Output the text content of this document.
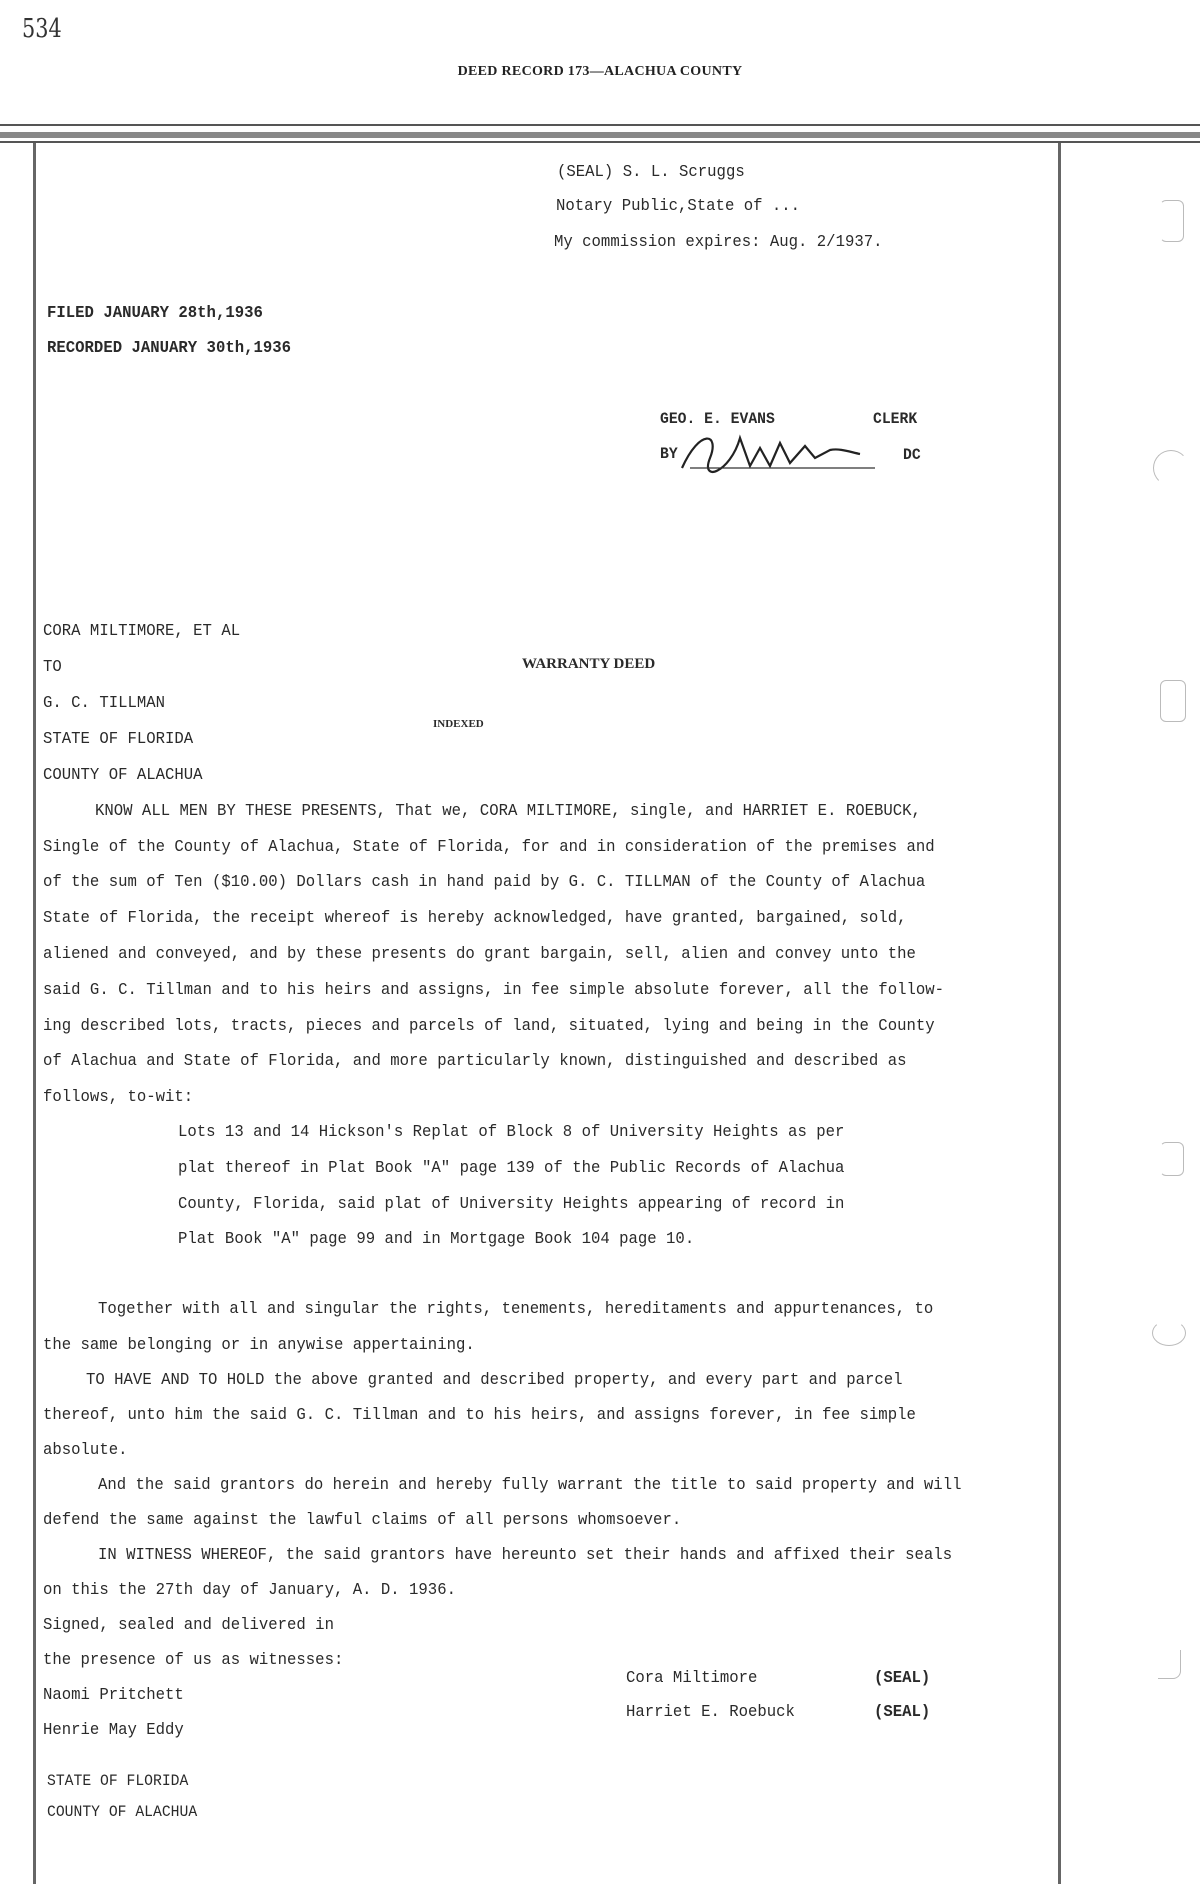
534
DEED RECORD 173—ALACHUA COUNTY
(SEAL) S. L. Scruggs
Notary Public,State of ...
My commission expires: Aug. 2/1937.
FILED JANUARY 28th,1936
RECORDED JANUARY 30th,1936
GEO. E. EVANS	CLERK
BY	DC
CORA MILTIMORE, ET AL
TO
G. C. TILLMAN
STATE OF FLORIDA
COUNTY OF ALACHUA
WARRANTY DEED
INDEXED
KNOW ALL MEN BY THESE PRESENTS, That we, CORA MILTIMORE, single, and HARRIET E. ROEBUCK,
Single of the County of Alachua, State of Florida, for and in consideration of the premises and
of the sum of Ten ($10.00) Dollars cash in hand paid by G. C. TILLMAN of the County of Alachua
State of Florida, the receipt whereof is hereby acknowledged, have granted, bargained, sold,
aliened and conveyed, and by these presents do grant bargain, sell, alien and convey unto the
said G. C. Tillman and to his heirs and assigns, in fee simple absolute forever, all the follow-
ing described lots, tracts, pieces and parcels of land, situated, lying and being in the County
of Alachua and State of Florida, and more particularly known, distinguished and described as
follows, to-wit:
Lots 13 and 14 Hickson's Replat of Block 8 of University Heights as per
plat thereof in Plat Book "A" page 139 of the Public Records of Alachua
County, Florida, said plat of University Heights appearing of record in
Plat Book "A" page 99 and in Mortgage Book 104 page 10.
Together with all and singular the rights, tenements, hereditaments and appurtenances, to
the same belonging or in anywise appertaining.
TO HAVE AND TO HOLD the above granted and described property, and every part and parcel
thereof, unto him the said G. C. Tillman and to his heirs, and assigns forever, in fee simple
absolute.
And the said grantors do herein and hereby fully warrant the title to said property and will
defend the same against the lawful claims of all persons whomsoever.
IN WITNESS WHEREOF, the said grantors have hereunto set their hands and affixed their seals
on this the 27th day of January, A. D. 1936.
Signed, sealed and delivered in
the presence of us as witnesses:
Naomi Pritchett
Henrie May Eddy
Cora Miltimore	(SEAL)
Harriet E. Roebuck	(SEAL)
STATE OF FLORIDA
COUNTY OF ALACHUA
